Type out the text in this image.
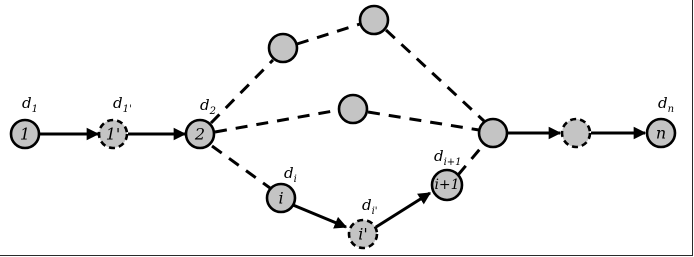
1	1'	2
i
i'
i+1
n
$d_1$	$d_{1'}$	$d_2$
$d_i$
$d_{i'}$
$d_{i+1}$
$d_n$
